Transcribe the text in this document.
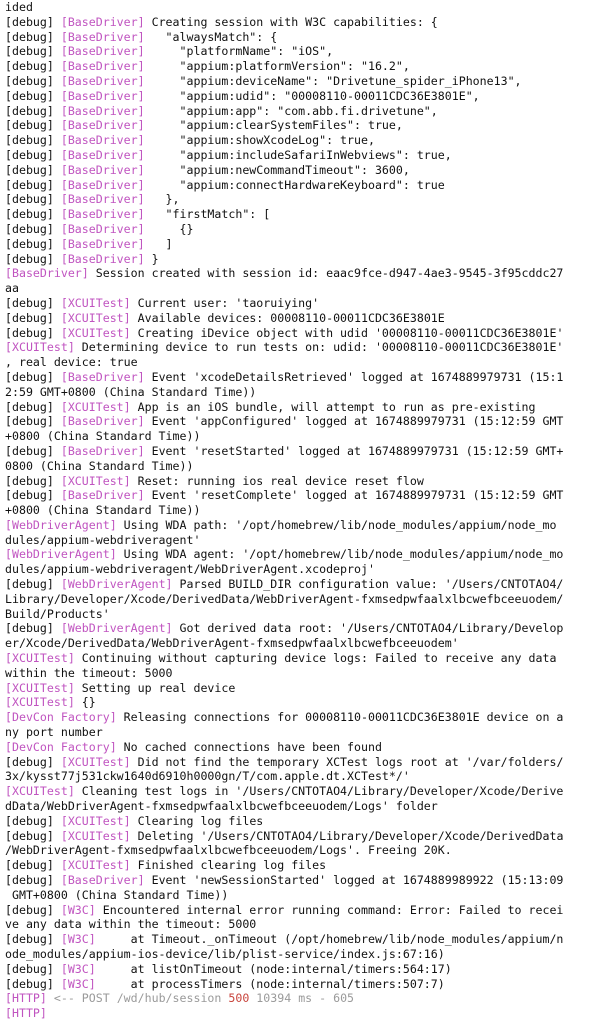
ided
[debug] [BaseDriver] Creating session with W3C capabilities: {
[debug] [BaseDriver]   "alwaysMatch": {
[debug] [BaseDriver]     "platformName": "iOS",
[debug] [BaseDriver]     "appium:platformVersion": "16.2",
[debug] [BaseDriver]     "appium:deviceName": "Drivetune_spider_iPhone13",
[debug] [BaseDriver]     "appium:udid": "00008110-00011CDC36E3801E",
[debug] [BaseDriver]     "appium:app": "com.abb.fi.drivetune",
[debug] [BaseDriver]     "appium:clearSystemFiles": true,
[debug] [BaseDriver]     "appium:showXcodeLog": true,
[debug] [BaseDriver]     "appium:includeSafariInWebviews": true,
[debug] [BaseDriver]     "appium:newCommandTimeout": 3600,
[debug] [BaseDriver]     "appium:connectHardwareKeyboard": true
[debug] [BaseDriver]   },
[debug] [BaseDriver]   "firstMatch": [
[debug] [BaseDriver]     {}
[debug] [BaseDriver]   ]
[debug] [BaseDriver] }
[BaseDriver] Session created with session id: eaac9fce-d947-4ae3-9545-3f95cddc27
aa
[debug] [XCUITest] Current user: 'taoruiying'
[debug] [XCUITest] Available devices: 00008110-00011CDC36E3801E
[debug] [XCUITest] Creating iDevice object with udid '00008110-00011CDC36E3801E'
[XCUITest] Determining device to run tests on: udid: '00008110-00011CDC36E3801E'
, real device: true
[debug] [BaseDriver] Event 'xcodeDetailsRetrieved' logged at 1674889979731 (15:1
2:59 GMT+0800 (China Standard Time))
[debug] [XCUITest] App is an iOS bundle, will attempt to run as pre-existing
[debug] [BaseDriver] Event 'appConfigured' logged at 1674889979731 (15:12:59 GMT
+0800 (China Standard Time))
[debug] [BaseDriver] Event 'resetStarted' logged at 1674889979731 (15:12:59 GMT+
0800 (China Standard Time))
[debug] [XCUITest] Reset: running ios real device reset flow
[debug] [BaseDriver] Event 'resetComplete' logged at 1674889979731 (15:12:59 GMT
+0800 (China Standard Time))
[WebDriverAgent] Using WDA path: '/opt/homebrew/lib/node_modules/appium/node_mo
dules/appium-webdriveragent'
[WebDriverAgent] Using WDA agent: '/opt/homebrew/lib/node_modules/appium/node_mo
dules/appium-webdriveragent/WebDriverAgent.xcodeproj'
[debug] [WebDriverAgent] Parsed BUILD_DIR configuration value: '/Users/CNTOTAO4/
Library/Developer/Xcode/DerivedData/WebDriverAgent-fxmsedpwfaalxlbcwefbceeuodem/
Build/Products'
[debug] [WebDriverAgent] Got derived data root: '/Users/CNTOTAO4/Library/Develop
er/Xcode/DerivedData/WebDriverAgent-fxmsedpwfaalxlbcwefbceeuodem'
[XCUITest] Continuing without capturing device logs: Failed to receive any data
within the timeout: 5000
[XCUITest] Setting up real device
[XCUITest] {}
[DevCon Factory] Releasing connections for 00008110-00011CDC36E3801E device on a
ny port number
[DevCon Factory] No cached connections have been found
[debug] [XCUITest] Did not find the temporary XCTest logs root at '/var/folders/
3x/kysst77j531ckw1640d6910h0000gn/T/com.apple.dt.XCTest*/'
[XCUITest] Cleaning test logs in '/Users/CNTOTAO4/Library/Developer/Xcode/Derive
dData/WebDriverAgent-fxmsedpwfaalxlbcwefbceeuodem/Logs' folder
[debug] [XCUITest] Clearing log files
[debug] [XCUITest] Deleting '/Users/CNTOTAO4/Library/Developer/Xcode/DerivedData
/WebDriverAgent-fxmsedpwfaalxlbcwefbceeuodem/Logs'. Freeing 20K.
[debug] [XCUITest] Finished clearing log files
[debug] [BaseDriver] Event 'newSessionStarted' logged at 1674889989922 (15:13:09
GMT+0800 (China Standard Time))
[debug] [W3C] Encountered internal error running command: Error: Failed to recei
ve any data within the timeout: 5000
[debug] [W3C]     at Timeout._onTimeout (/opt/homebrew/lib/node_modules/appium/n
ode_modules/appium-ios-device/lib/plist-service/index.js:67:16)
[debug] [W3C]     at listOnTimeout (node:internal/timers:564:17)
[debug] [W3C]     at processTimers (node:internal/timers:507:7)
[HTTP] <-- POST /wd/hub/session 500 10394 ms - 605
[HTTP]
